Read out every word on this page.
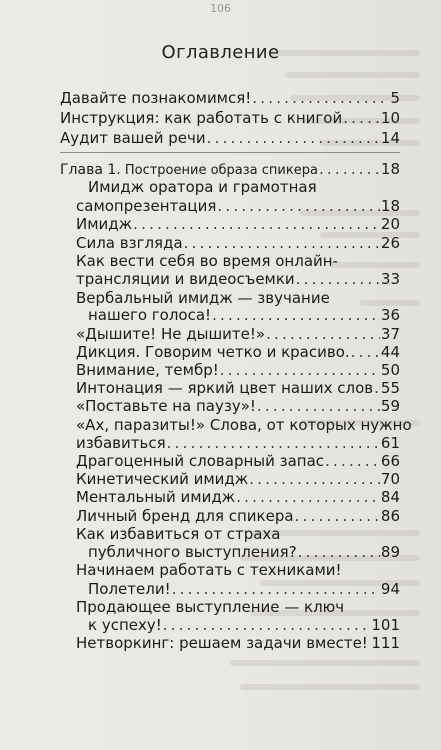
106
Оглавление
Давайте познакомимся! .....	5
Инструкция: как работать с книгой .....	10
Аудит вашей речи .....	14
Глава 1. Построение образа спикера .....	18
Имидж оратора и грамотная
самопрезентация .....	18
Имидж .....	20
Сила взгляда .....	26
Как вести себя во время онлайн-
трансляции и видеосъемки .....	33
Вербальный имидж — звучание
нашего голоса! .....	36
«Дышите! Не дышите!» .....	37
Дикция. Говорим четко и красиво. ..... 44
Внимание, тембр! .....	50
Интонация — яркий цвет наших слов ..... 55
«Поставьте на паузу»! .....	59
«Ах, паразиты!» Слова, от которых нужно
избавиться .....	61
Драгоценный словарный запас .....	66
Кинетический имидж .....	70
Ментальный имидж .....	84
Личный бренд для спикера .....	86
Как избавиться от страха
публичного выступления? .....	89
Начинаем работать с техниками!
Полетели! .....	94
Продающее выступление — ключ
к успеху! .....	101
Нетворкинг: решаем задачи вместе! ..... 111
